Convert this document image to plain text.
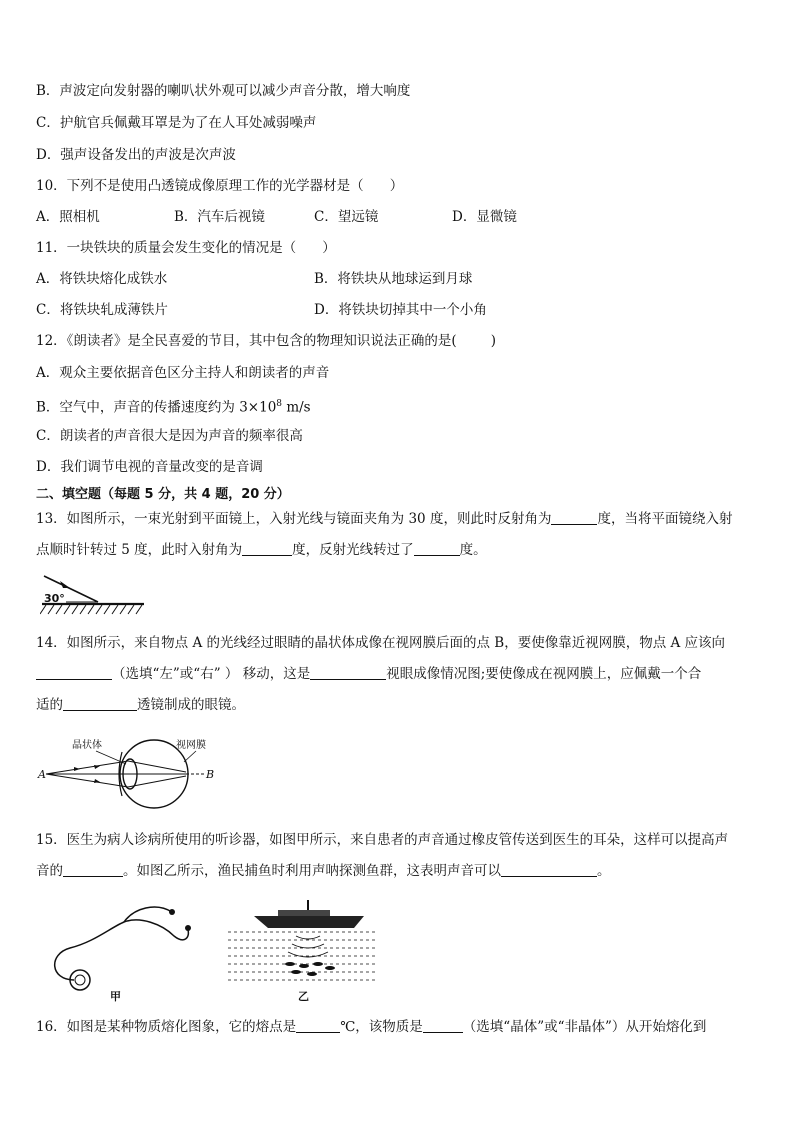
B．声波定向发射器的喇叭状外观可以减少声音分散，增大响度
C．护航官兵佩戴耳罩是为了在人耳处减弱噪声
D．强声设备发出的声波是次声波
10．下列不是使用凸透镜成像原理工作的光学器材是（ ）
A．照相机	B．汽车后视镜	C．望远镜	D．显微镜
11．一块铁块的质量会发生变化的情况是（ ）
A．将铁块熔化成铁水	B．将铁块从地球运到月球
C．将铁块轧成薄铁片	D．将铁块切掉其中一个小角
12．《朗读者》是全民喜爱的节目，其中包含的物理知识说法正确的是(	)
A．观众主要依据音色区分主持人和朗读者的声音
B．空气中，声音的传播速度约为 $3\times 10^8$ m/s
C．朗读者的声音很大是因为声音的频率很高
D．我们调节电视的音量改变的是音调
二、填空题（每题 5 分，共 4 题，20 分）
13．如图所示，一束光射到平面镜上，入射光线与镜面夹角为 30 度，则此时反射角为	度，当将平面镜绕入射
点顺时针转过 5 度，此时入射角为	度，反射光线转过了	度。
30°
14．如图所示，来自物点 A 的光线经过眼睛的晶状体成像在视网膜后面的点 B，要使像靠近视网膜，物点 A 应该向
（选填“左”或“右” ） 移动，这是	视眼成像情况图;要使像成在视网膜上，应佩戴一个合
适的	透镜制成的眼镜。
晶状体	视网膜
A	B
15．医生为病人诊病所使用的听诊器，如图甲所示，来自患者的声音通过橡皮管传送到医生的耳朵，这样可以提高声
音的	。如图乙所示，渔民捕鱼时利用声呐探测鱼群，这表明声音可以	。
甲	乙
16．如图是某种物质熔化图象，它的熔点是	℃，该物质是	（选填“晶体”或“非晶体”）从开始熔化到
